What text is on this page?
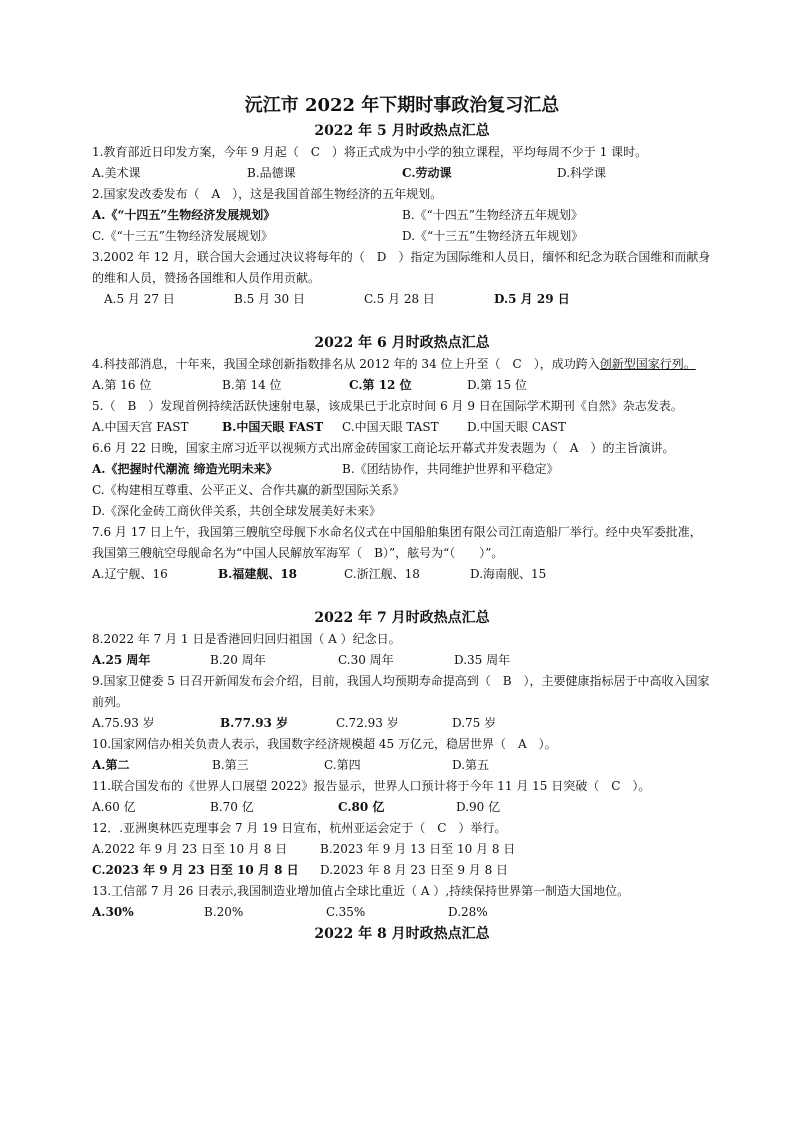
沅江市 2022 年下期时事政治复习汇总
2022 年 5 月时政热点汇总

1.教育部近日印发方案，今年 9 月起（　C　）将正式成为中小学的独立课程，平均每周不少于 1 课时。

A.美术课	B.品德课	C.劳动课	D.科学课

2.国家发改委发布（　A　），这是我国首部生物经济的五年规划。

A.《“十四五”生物经济发展规划》	B.《“十四五”生物经济五年规划》
C.《“十三五”生物经济发展规划》	D.《“十三五”生物经济五年规划》

3.2002 年 12 月，联合国大会通过决议将每年的（　D　）指定为国际维和人员日，缅怀和纪念为联合国维和而献身的维和人员，赞扬各国维和人员作用贡献。

A.5 月 27 日	B.5 月 30 日	C.5 月 28 日	D.5 月 29 日
2022 年 6 月时政热点汇总

4.科技部消息，十年来，我国全球创新指数排名从 2012 年的 34 位上升至（　C　），成功跨入创新型国家行列。

A.第 16 位	B.第 14 位	C.第 12 位	D.第 15 位

5.（　B　）发现首例持续活跃快速射电暴，该成果已于北京时间 6 月 9 日在国际学术期刊《自然》杂志发表。

A.中国天宫 FAST	B.中国天眼 FAST	C.中国天眼 TAST	D.中国天眼 CAST

6.6 月 22 日晚，国家主席习近平以视频方式出席金砖国家工商论坛开幕式并发表题为（　A　）的主旨演讲。

A.《把握时代潮流 缔造光明未来》	B.《团结协作，共同维护世界和平稳定》
C.《构建相互尊重、公平正义、合作共赢的新型国际关系》
D.《深化金砖工商伙伴关系，共创全球发展美好未来》

7.6 月 17 日上午，我国第三艘航空母舰下水命名仪式在中国船舶集团有限公司江南造船厂举行。经中央军委批准，我国第三艘航空母舰命名为“中国人民解放军海军（　B）”，舷号为“（　　）”。

A.辽宁舰、16	B.福建舰、18	C.浙江舰、18	D.海南舰、15
2022 年 7 月时政热点汇总

8.2022 年 7 月 1 日是香港回归回归祖国（ A ）纪念日。

A.25 周年	B.20 周年	C.30 周年	D.35 周年

9.国家卫健委 5 日召开新闻发布会介绍，目前，我国人均预期寿命提高到（　B　），主要健康指标居于中高收入国家前列。

A.75.93 岁	B.77.93 岁	C.72.93 岁	D.75 岁

10.国家网信办相关负责人表示，我国数字经济规模超 45 万亿元，稳居世界（　A　）。

A.第二	B.第三	C.第四	D.第五

11.联合国发布的《世界人口展望 2022》报告显示，世界人口预计将于今年 11 月 15 日突破（　C　）。

A.60 亿	B.70 亿	C.80 亿	D.90 亿

12．.亚洲奥林匹克理事会 7 月 19 日宣布，杭州亚运会定于（　C　）举行。

A.2022 年 9 月 23 日至 10 月 8 日	B.2023 年 9 月 13 日至 10 月 8 日
C.2023 年 9 月 23 日至 10 月 8 日	D.2023 年 8 月 23 日至 9 月 8 日

13.工信部 7 月 26 日表示,我国制造业增加值占全球比重近（ A ）,持续保持世界第一制造大国地位。

A.30%	B.20%	C.35%	D.28%
2022 年 8 月时政热点汇总
